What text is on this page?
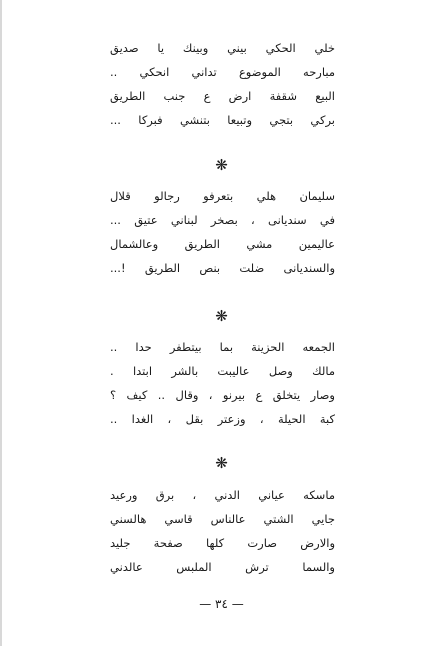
خلي الحكي بيني وبينك يا صديق
مبارحه الموضوع تداني انحكي ..
البيع شقفة ارض ع جنب الطريق
بركي بتجي وتبيعا بتنشي فبركا ...
❋
سليمان هلي بتعرفو رجالو قلال
في سنديانى ، بصخر لبناني عتيق ...
عاليمين مشي الطريق وعالشمال
والسنديانى ضلت بنص الطريق !...
❋
الجمعه الحزينة بما بيتطفر حدا ..
مالك وصل عاليبت بالشر ابتدا .
وصار يتخلق ع بيرنو ، وقال .. كيف ؟
كبة الحيلة ، وزعتر بقل ، الغدا ..
❋
ماسكه عياني الدني ، برق ورعيد
جايي الشتي عالناس قاسي هالسني
والارض صارت كلها صفحة جليد
والسما ترش الملبس عالدني
— ٣٤ —
